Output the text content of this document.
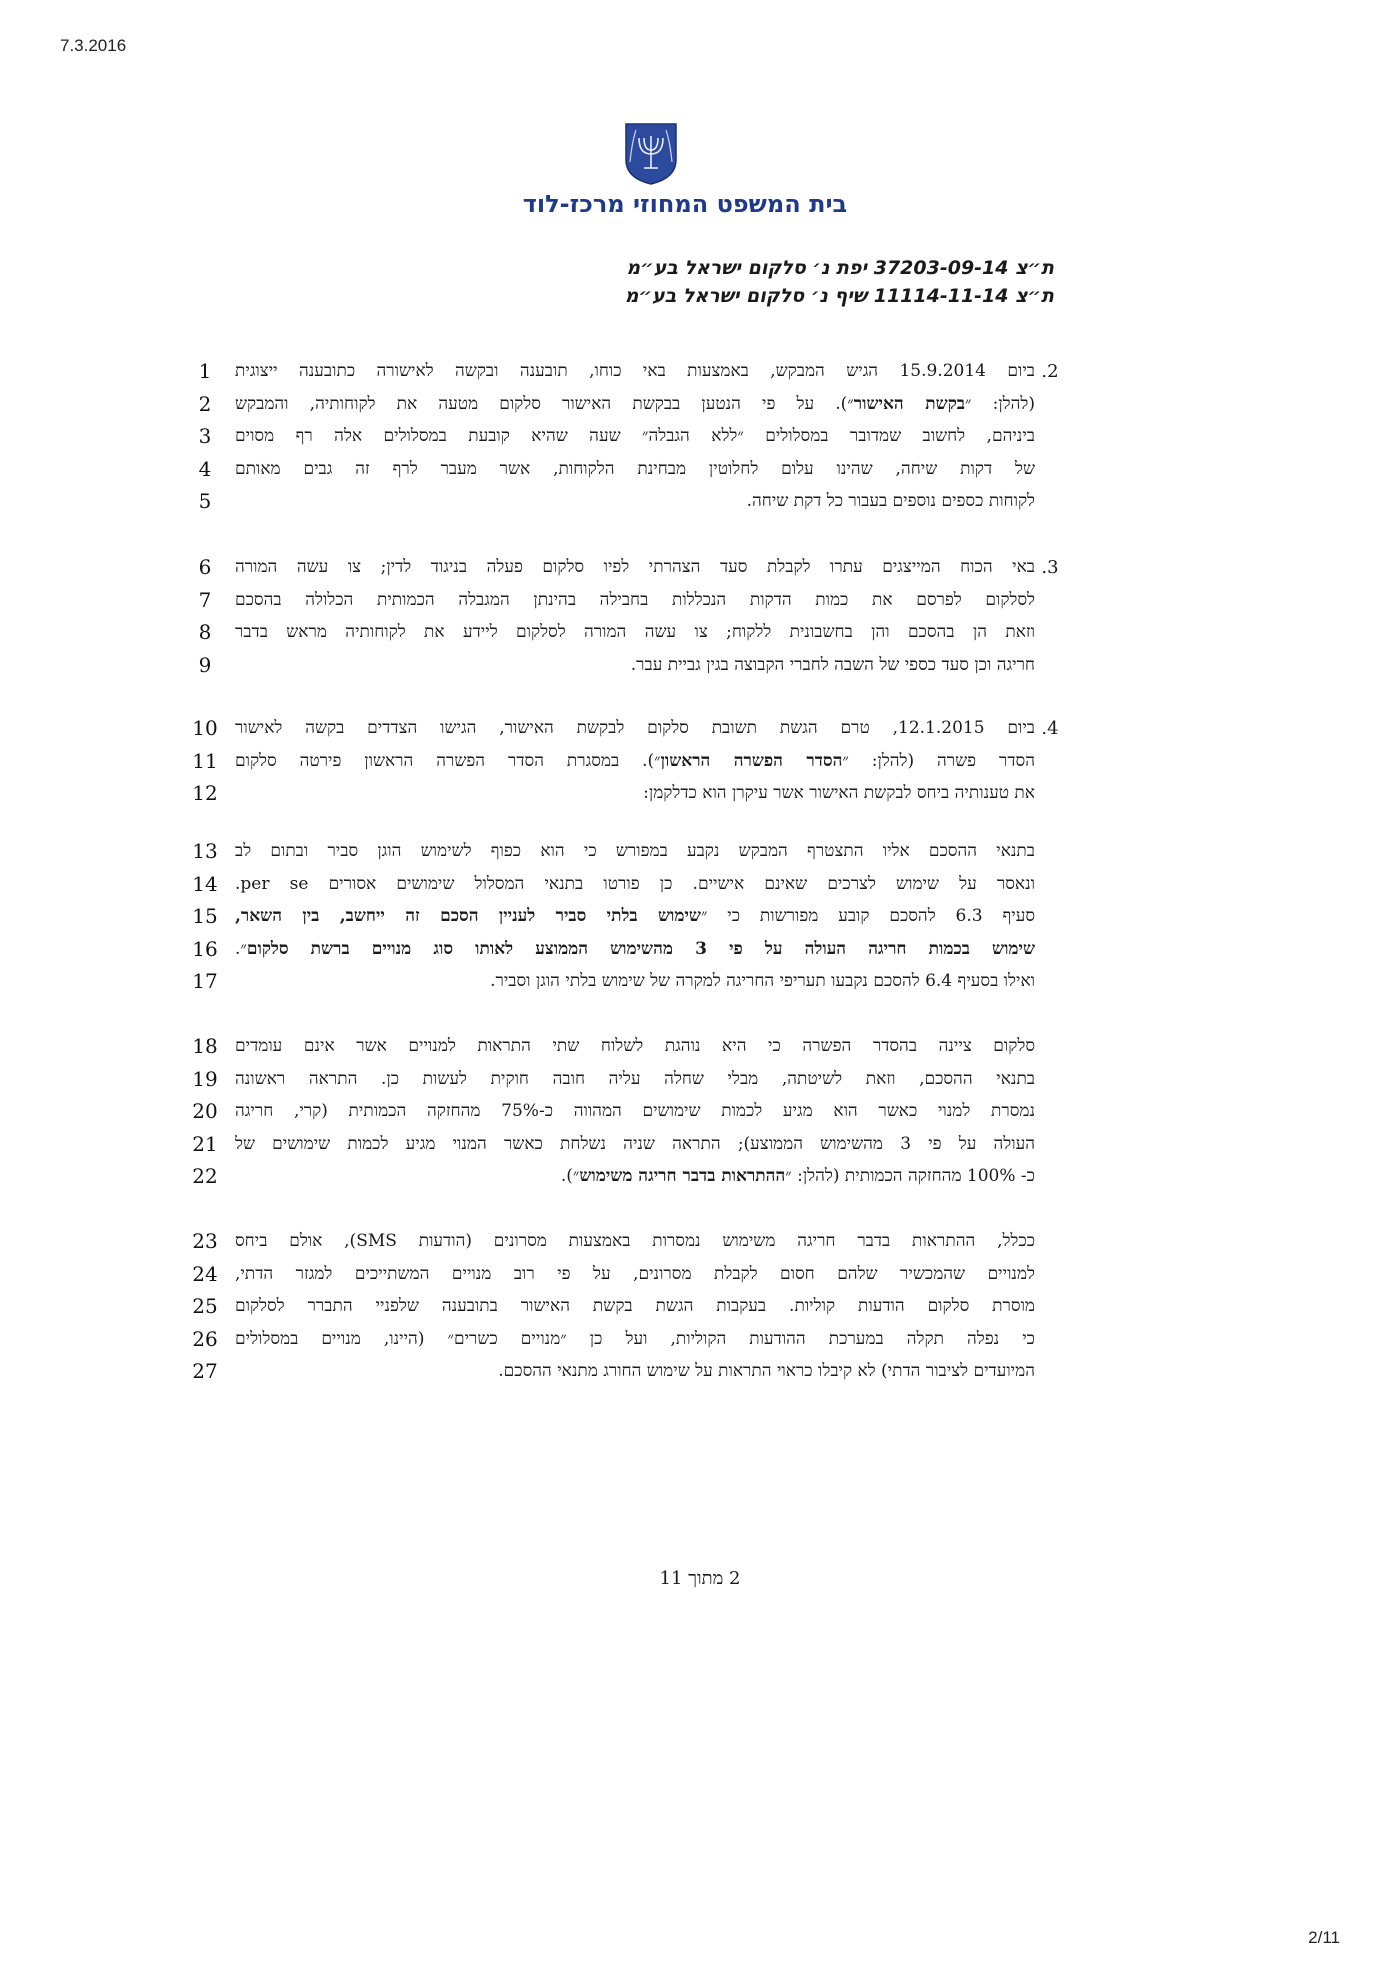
7.3.2016
2/11
בית המשפט המחוזי מרכז-לוד
ת״צ 37203-09-14 יפת נ׳ סלקום ישראל בע״מ
ת״צ 11114-11-14 שיף נ׳ סלקום ישראל בע״מ
1	ביום 15.9.2014 הגיש המבקש, באמצעות באי כוחו, תובענה ובקשה לאישורה כתובענה ייצוגית .2
2	(להלן: ״בקשת האישור״). על פי הנטען בבקשת האישור סלקום מטעה את לקוחותיה, והמבקש
3	ביניהם, לחשוב שמדובר במסלולים ״ללא הגבלה״ שעה שהיא קובעת במסלולים אלה רף מסוים
4	של דקות שיחה, שהינו עלום לחלוטין מבחינת הלקוחות, אשר מעבר לרף זה גבים מאותם
5	לקוחות כספים נוספים בעבור כל דקת שיחה.
6	באי הכוח המייצגים עתרו לקבלת סעד הצהרתי לפיו סלקום פעלה בניגוד לדין; צו עשה המורה .3
7	לסלקום לפרסם את כמות הדקות הנכללות בחבילה בהינתן המגבלה הכמותית הכלולה בהסכם
8	וזאת הן בהסכם והן בחשבונית ללקוח; צו עשה המורה לסלקום ליידע את לקוחותיה מראש בדבר
9	חריגה וכן סעד כספי של השבה לחברי הקבוצה בגין גביית עבר.
10	ביום 12.1.2015, טרם הגשת תשובת סלקום לבקשת האישור, הגישו הצדדים בקשה לאישור .4
11	הסדר פשרה (להלן: ״הסדר הפשרה הראשון״). במסגרת הסדר הפשרה הראשון פירטה סלקום
12	את טענותיה ביחס לבקשת האישור אשר עיקרן הוא כדלקמן:
13	בתנאי ההסכם אליו התצטרף המבקש נקבע במפורש כי הוא כפוף לשימוש הוגן סביר ובתום לב
14	ונאסר על שימוש לצרכים שאינם אישיים. כן פורטו בתנאי המסלול שימושים אסורים per se.
15	סעיף 6.3 להסכם קובע מפורשות כי ״שימוש בלתי סביר לעניין הסכם זה ייחשב, בין השאר,
16	שימוש בכמות חריגה העולה על פי 3 מהשימוש הממוצע לאותו סוג מנויים ברשת סלקום״.
17	ואילו בסעיף 6.4 להסכם נקבעו תעריפי החריגה למקרה של שימוש בלתי הוגן וסביר.
18	סלקום ציינה בהסדר הפשרה כי היא נוהגת לשלוח שתי התראות למנויים אשר אינם עומדים
19	בתנאי ההסכם, וזאת לשיטתה, מבלי שחלה עליה חובה חוקית לעשות כן. התראה ראשונה
20	נמסרת למנוי כאשר הוא מגיע לכמות שימושים המהווה כ-75% מהחזקה הכמותית (קרי, חריגה
21	העולה על פי 3 מהשימוש הממוצע); התראה שניה נשלחת כאשר המנוי מגיע לכמות שימושים של
22	כ- 100% מהחזקה הכמותית (להלן: ״ההתראות בדבר חריגה משימוש״).
23	ככלל, ההתראות בדבר חריגה משימוש נמסרות באמצעות מסרונים (הודעות SMS), אולם ביחס
24	למנויים שהמכשיר שלהם חסום לקבלת מסרונים, על פי רוב מנויים המשתייכים למגזר הדתי,
25	מוסרת סלקום הודעות קוליות. בעקבות הגשת בקשת האישור בתובענה שלפניי התברר לסלקום
26	כי נפלה תקלה במערכת ההודעות הקוליות, ועל כן ״מנויים כשרים״ (היינו, מנויים במסלולים
27	המיועדים לציבור הדתי) לא קיבלו כראוי התראות על שימוש החורג מתנאי ההסכם.
2 מתוך 11
